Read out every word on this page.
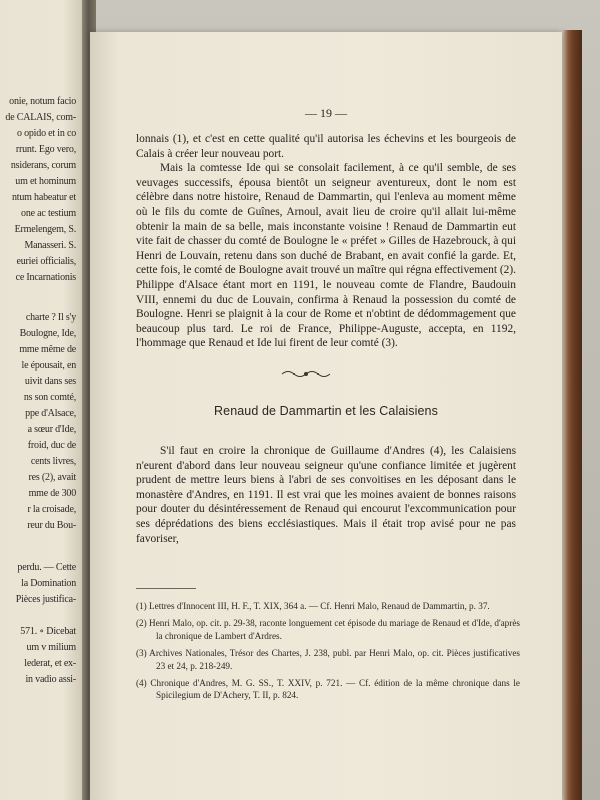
onie, notum facio
de CALAIS, com-
o opido et in co
rrunt. Ego vero,
nsiderans, corum
um et hominum
ntum habeatur et
one ac testium
Ermelengem, S.
Manasseri. S.
euriei officialis,
ce Incarnationis
charte ? Il s'y
Boulogne, Ide,
mme même de
le épousait, en
uivit dans ses
ns son comté,
ppe d'Alsace,
a sœur d'Ide,
froid, duc de
cents livres,
res (2), avait
mme de 300
r la croisade,
reur du Bou-
perdu. — Cette
la Domination
Pièces justifica-
571. ∘ Dicebat
um v milium
lederat, et ex-
in vadio assi-
— 19 —

lonnais (1), et c'est en cette qualité qu'il autorisa les échevins et les bourgeois de Calais à créer leur nouveau port.

Mais la comtesse Ide qui se consolait facilement, à ce qu'il semble, de ses veuvages successifs, épousa bientôt un seigneur aventureux, dont le nom est célèbre dans notre histoire, Renaud de Dammartin, qui l'enleva au moment même où le fils du comte de Guînes, Arnoul, avait lieu de croire qu'il allait lui-même obtenir la main de sa belle, mais inconstante voisine ! Renaud de Dammartin eut vite fait de chasser du comté de Boulogne le « préfet » Gilles de Hazebrouck, à qui Henri de Louvain, retenu dans son duché de Brabant, en avait confié la garde. Et, cette fois, le comté de Boulogne avait trouvé un maître qui régna effectivement (2). Philippe d'Alsace étant mort en 1191, le nouveau comte de Flandre, Baudouin VIII, ennemi du duc de Louvain, confirma à Renaud la possession du comté de Boulogne. Henri se plaignit à la cour de Rome et n'obtint de dédommagement que beaucoup plus tard. Le roi de France, Philippe-Auguste, accepta, en 1192, l'hommage que Renaud et Ide lui firent de leur comté (3).

Renaud de Dammartin et les Calaisiens

S'il faut en croire la chronique de Guillaume d'Andres (4), les Calaisiens n'eurent d'abord dans leur nouveau seigneur qu'une confiance limitée et jugèrent prudent de mettre leurs biens à l'abri de ses convoitises en les déposant dans le monastère d'Andres, en 1191. Il est vrai que les moines avaient de bonnes raisons pour douter du désintéressement de Renaud qui encourut l'excommunication pour ses déprédations des biens ecclésiastiques. Mais il était trop avisé pour ne pas favoriser,

(1) Lettres d'Innocent III, H. F., T. XIX, 364 a. — Cf. Henri Malo, Renaud de Dammartin, p. 37.

(2) Henri Malo, op. cit. p. 29-38, raconte longuement cet épisode du mariage de Renaud et d'Ide, d'après la chronique de Lambert d'Ardres.

(3) Archives Nationales, Trésor des Chartes, J. 238, publ. par Henri Malo, op. cit. Pièces justificatives 23 et 24, p. 218-249.

(4) Chronique d'Andres, M. G. SS., T. XXIV, p. 721. — Cf. édition de la même chronique dans le Spicilegium de D'Achery, T. II, p. 824.
